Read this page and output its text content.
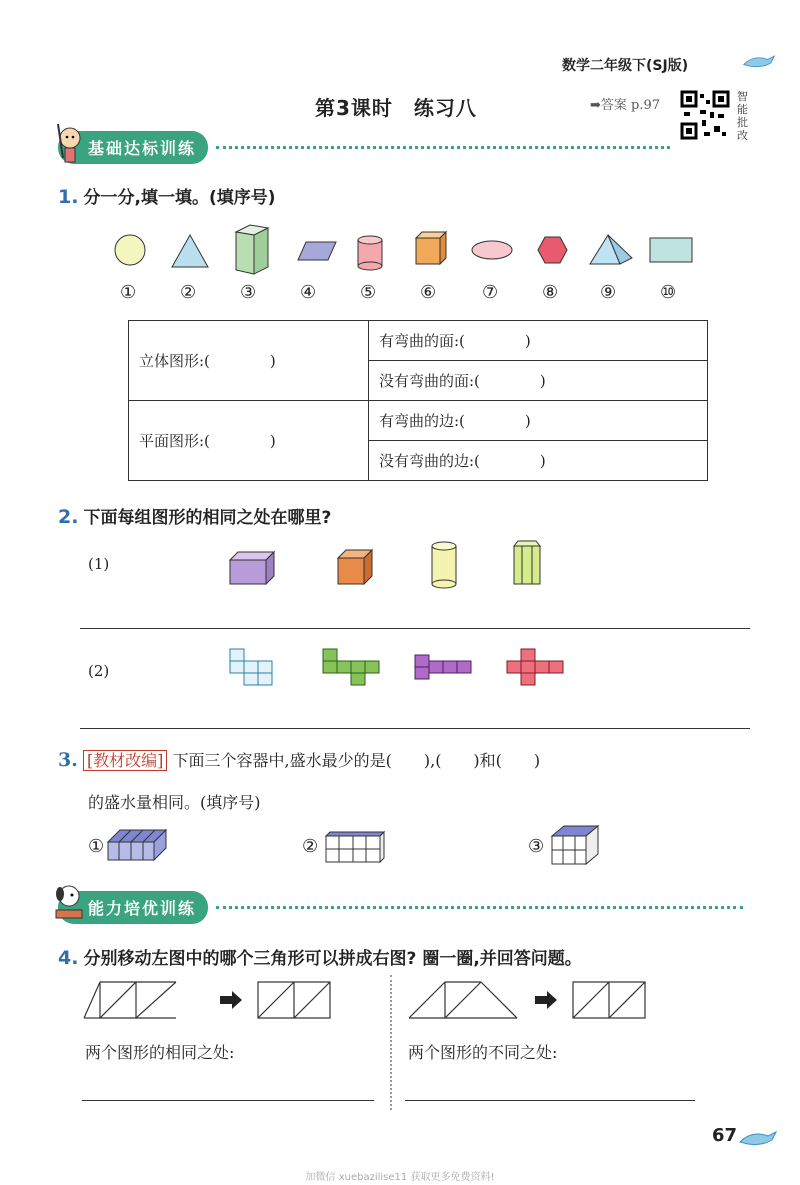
数学二年级下(SJ版)
第3课时　练习八	➡答案 p.97
智能批改
基础达标训练
1. 分一分,填一填。(填序号)
① ② ③ ④ ⑤ ⑥	⑦ ⑧ ⑨ ⑩
立体图形:(　　　　)	有弯曲的面:(　　　　)
	没有弯曲的面:(　　　　)
平面图形:(　　　　)	有弯曲的边:(　　　　)
	没有弯曲的边:(　　　　)
2. 下面每组图形的相同之处在哪里?
(1)
(2)
3. [教材改编] 下面三个容器中,盛水最少的是(　　),(　　)和(　　)
的盛水量相同。(填序号)
①	②	③
能力培优训练
4. 分别移动左图中的哪个三角形可以拼成右图? 圈一圈,并回答问题。
两个图形的相同之处:	两个图形的不同之处:
67
加微信 xuebazilise11 获取更多免费资料!
